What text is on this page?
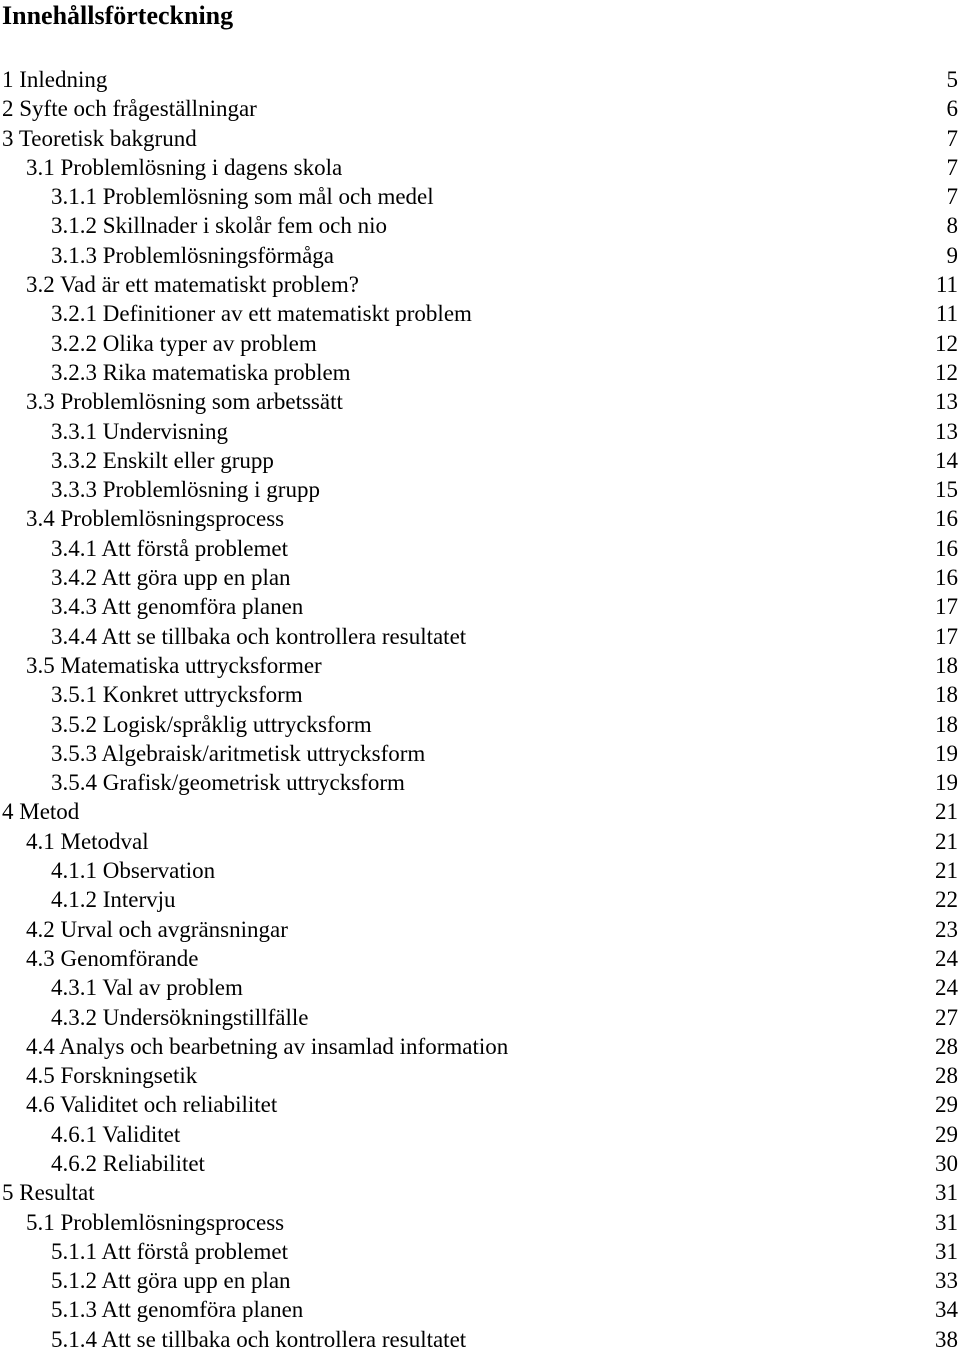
Innehållsförteckning
1 Inledning	5
2 Syfte och frågeställningar	6
3 Teoretisk bakgrund	7
3.1 Problemlösning i dagens skola	7
3.1.1 Problemlösning som mål och medel	7
3.1.2 Skillnader i skolår fem och nio	8
3.1.3 Problemlösningsförmåga	9
3.2 Vad är ett matematiskt problem?	11
3.2.1 Definitioner av ett matematiskt problem	11
3.2.2 Olika typer av problem	12
3.2.3 Rika matematiska problem	12
3.3 Problemlösning som arbetssätt	13
3.3.1 Undervisning	13
3.3.2 Enskilt eller grupp	14
3.3.3 Problemlösning i grupp	15
3.4 Problemlösningsprocess	16
3.4.1 Att förstå problemet	16
3.4.2 Att göra upp en plan	16
3.4.3 Att genomföra planen	17
3.4.4 Att se tillbaka och kontrollera resultatet	17
3.5 Matematiska uttrycksformer	18
3.5.1 Konkret uttrycksform	18
3.5.2 Logisk/språklig uttrycksform	18
3.5.3 Algebraisk/aritmetisk uttrycksform	19
3.5.4 Grafisk/geometrisk uttrycksform	19
4 Metod	21
4.1 Metodval	21
4.1.1 Observation	21
4.1.2 Intervju	22
4.2 Urval och avgränsningar	23
4.3 Genomförande	24
4.3.1 Val av problem	24
4.3.2 Undersökningstillfälle	27
4.4 Analys och bearbetning av insamlad information	28
4.5 Forskningsetik	28
4.6 Validitet och reliabilitet	29
4.6.1 Validitet	29
4.6.2 Reliabilitet	30
5 Resultat	31
5.1 Problemlösningsprocess	31
5.1.1 Att förstå problemet	31
5.1.2 Att göra upp en plan	33
5.1.3 Att genomföra planen	34
5.1.4 Att se tillbaka och kontrollera resultatet	38
